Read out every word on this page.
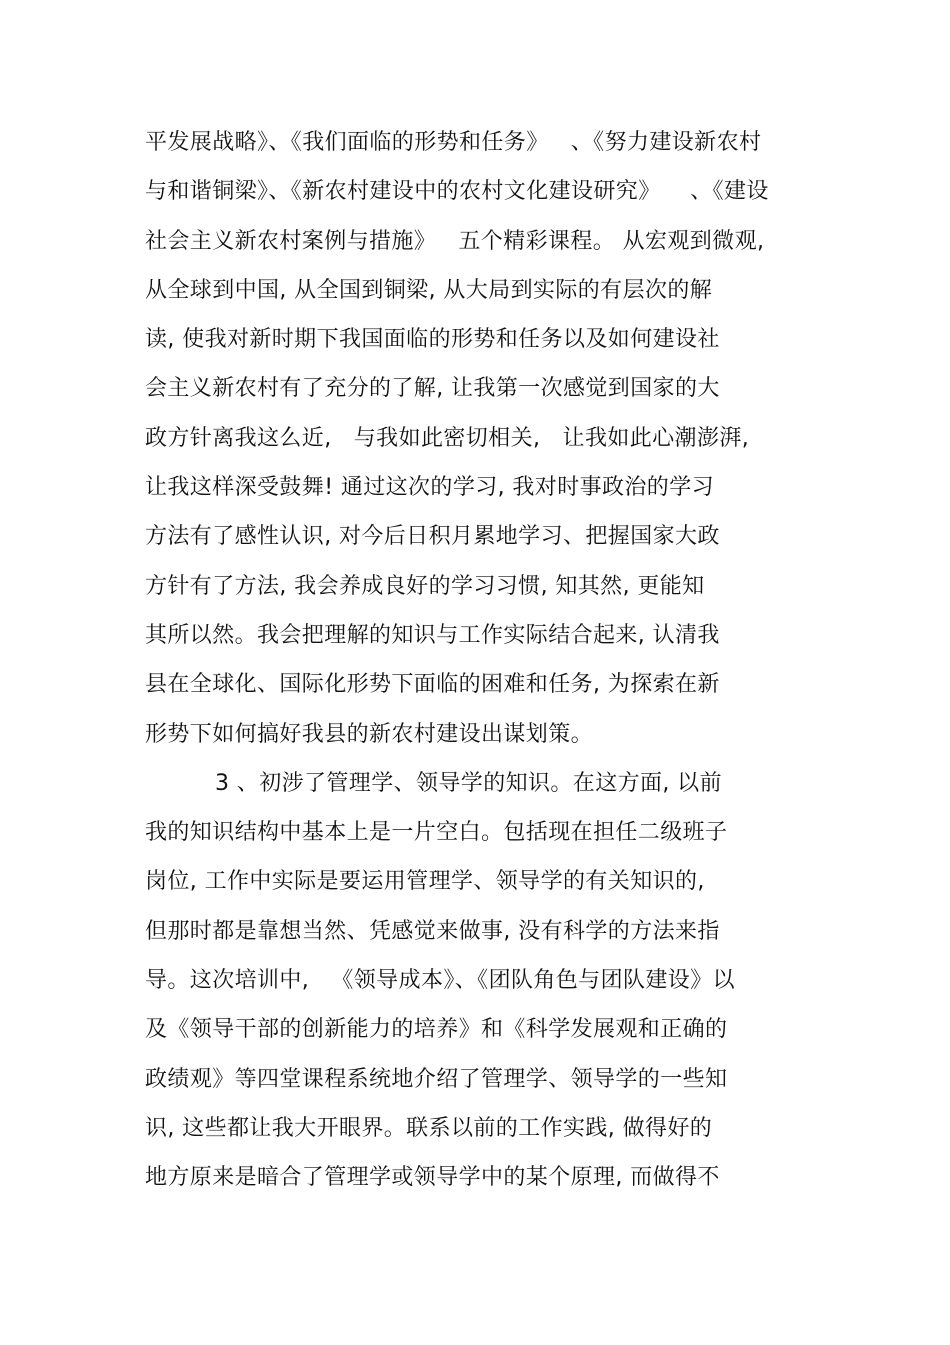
平发展战略》、《我们面临的形势和任务》   、《努力建设新农村
与和谐铜梁》、《新农村建设中的农村文化建设研究》    、《建设
社会主义新农村案例与措施》   五个精彩课程。 从宏观到微观,
从全球到中国, 从全国到铜梁, 从大局到实际的有层次的解
读, 使我对新时期下我国面临的形势和任务以及如何建设社
会主义新农村有了充分的了解, 让我第一次感觉到国家的大
政方针离我这么近,   与我如此密切相关,   让我如此心潮澎湃,
让我这样深受鼓舞! 通过这次的学习, 我对时事政治的学习
方法有了感性认识, 对今后日积月累地学习、把握国家大政
方针有了方法, 我会养成良好的学习习惯, 知其然, 更能知
其所以然。我会把理解的知识与工作实际结合起来, 认清我
县在全球化、国际化形势下面临的困难和任务, 为探索在新
形势下如何搞好我县的新农村建设出谋划策。
3 、初涉了管理学、领导学的知识。在这方面, 以前
我的知识结构中基本上是一片空白。包括现在担任二级班子
岗位, 工作中实际是要运用管理学、领导学的有关知识的,
但那时都是靠想当然、凭感觉来做事, 没有科学的方法来指
导。这次培训中,   《领导成本》、《团队角色与团队建设》以
及《领导干部的创新能力的培养》和《科学发展观和正确的
政绩观》等四堂课程系统地介绍了管理学、领导学的一些知
识, 这些都让我大开眼界。联系以前的工作实践, 做得好的
地方原来是暗合了管理学或领导学中的某个原理, 而做得不
